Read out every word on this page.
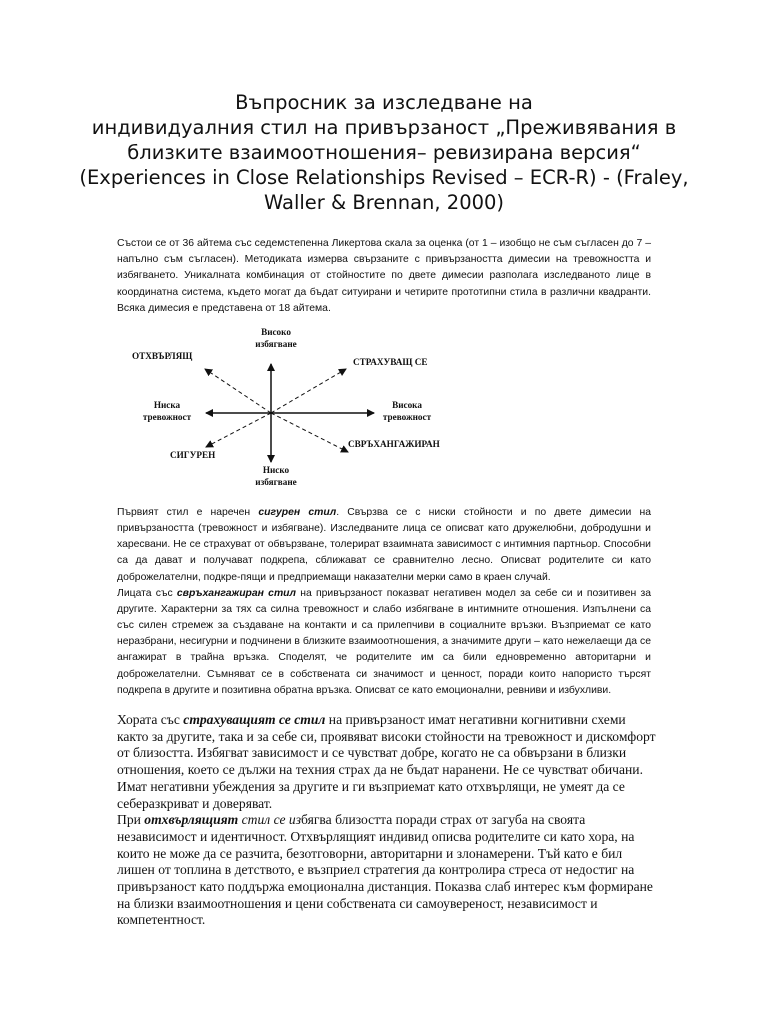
Въпросник за изследване на
индивидуалния стил на привързаност „Преживявания в
близките взаимоотношения– ревизирана версия“
(Experiences in Close Relationships Revised – ECR-R) - (Fraley,
Waller & Brennan, 2000)
Състои се от 36 айтема със седемстепенна Ликертова скала за оценка (от 1 – изобщо не съм съгласен до 7 – напълно съм съгласен). Методиката измерва свързаните с привързаността димесии на тревожността и избягването. Уникалната комбинация от стойностите по двете димесии разполага изследваното лице в координатна система, където могат да бъдат ситуирани и четирите прототипни стила в различни квадранти. Всяка димесия е представена от 18 айтема.
Високо
избягване
Ниско
избягване
Ниска
тревожност
Висока
тревожност
ОТХВЪРЛЯЩ
СТРАХУВАЩ СЕ
СИГУРЕН
СВРЪХАНГАЖИРАН

Първият стил е наречен сигурен стил. Свързва се с ниски стойности и по двете димесии на привързаността (тревожност и избягване). Изследваните лица се описват като дружелюбни, добродушни и харесвани. Не се страхуват от обвързване, толерират взаимната зависимост с интимния партньор. Способни са да дават и получават подкрепа, сближават се сравнително лесно. Описват родителите си като доброжелателни, подкре-пящи и предприемащи наказателни мерки само в краен случай.

Лицата със свръхангажиран стил на привързаност показват негативен модел за себе си и позитивен за другите. Характерни за тях са силна тревожност и слабо избягване в интимните отношения. Изпълнени са със силен стремеж за създаване на контакти и са прилепчиви в социалните връзки. Възприемат се като неразбрани, несигурни и подчинени в близките взаимоотношения, а значимите други – като нежелаещи да се ангажират в трайна връзка. Споделят, че родителите им са били едновременно авторитарни и доброжелателни. Съмняват се в собствената си значимост и ценност, поради които напористо търсят подкрепа в другите и позитивна обратна връзка. Описват се като емоционални, ревниви и избухливи.

Хората със страхуващият се стил на привързаност имат негативни когнитивни схеми както за другите, така и за себе си, проявяват високи стойности на тревожност и дискомфорт от близостта. Избягват зависимост и се чувстват добре, когато не са обвързани в близки отношения, което се дължи на техния страх да не бъдат наранени. Не се чувстват обичани. Имат негативни убеждения за другите и ги възприемат като отхвърлящи, не умеят да се себеразкриват и доверяват.

При отхвърлящият стил се избягва близостта поради страх от загуба на своята независимост и идентичност. Отхвърлящият индивид описва родителите си като хора, на които не може да се разчита, безотговорни, авторитарни и злонамерени. Тъй като е бил лишен от топлина в детството, е възприел стратегия да контролира стреса от недостиг на привързаност като поддържа емоционална дистанция. Показва слаб интерес към формиране на близки взаимоотношения и цени собствената си самоувереност, независимост и компетентност.
